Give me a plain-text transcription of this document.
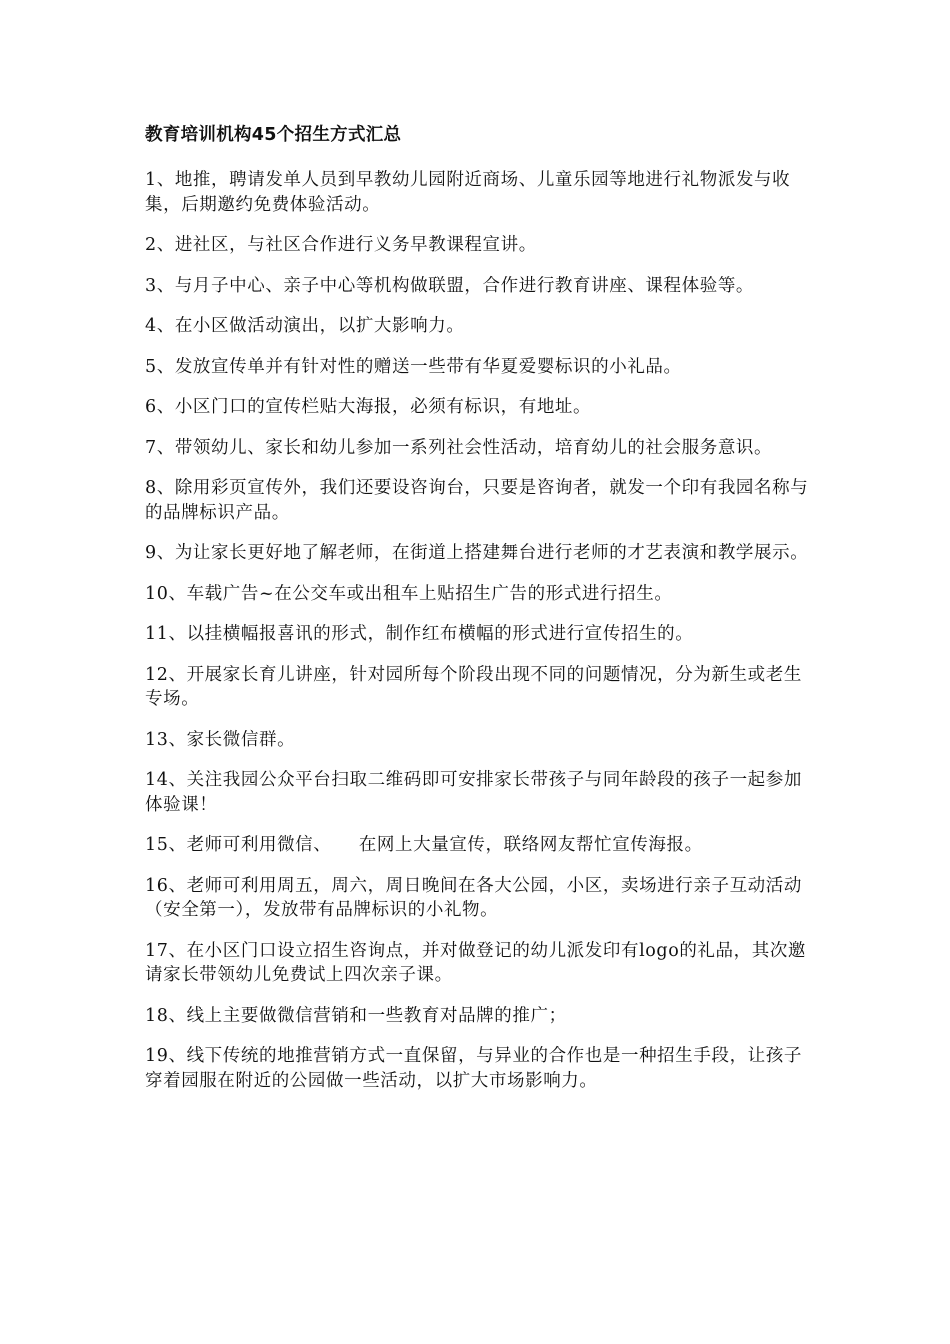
教育培训机构45个招生方式汇总
1、地推，聘请发单人员到早教幼儿园附近商场、儿童乐园等地进行礼物派发与收集，后期邀约免费体验活动。
2、进社区，与社区合作进行义务早教课程宣讲。
3、与月子中心、亲子中心等机构做联盟，合作进行教育讲座、课程体验等。
4、在小区做活动演出，以扩大影响力。
5、发放宣传单并有针对性的赠送一些带有华夏爱婴标识的小礼品。
6、小区门口的宣传栏贴大海报，必须有标识，有地址。
7、带领幼儿、家长和幼儿参加一系列社会性活动，培育幼儿的社会服务意识。
8、除用彩页宣传外，我们还要设咨询台，只要是咨询者，就发一个印有我园名称与的品牌标识产品。
9、为让家长更好地了解老师，在街道上搭建舞台进行老师的才艺表演和教学展示。
10、车载广告~在公交车或出租车上贴招生广告的形式进行招生。
11、以挂横幅报喜讯的形式，制作红布横幅的形式进行宣传招生的。
12、开展家长育儿讲座，针对园所每个阶段出现不同的问题情况，分为新生或老生专场。
13、家长微信群。
14、关注我园公众平台扫取二维码即可安排家长带孩子与同年龄段的孩子一起参加体验课！
15、老师可利用微信、　　在网上大量宣传，联络网友帮忙宣传海报。
16、老师可利用周五，周六，周日晚间在各大公园，小区，卖场进行亲子互动活动（安全第一），发放带有品牌标识的小礼物。
17、在小区门口设立招生咨询点，并对做登记的幼儿派发印有logo的礼品，其次邀请家长带领幼儿免费试上四次亲子课。
18、线上主要做微信营销和一些教育对品牌的推广；
19、线下传统的地推营销方式一直保留，与异业的合作也是一种招生手段，让孩子穿着园服在附近的公园做一些活动，以扩大市场影响力。
